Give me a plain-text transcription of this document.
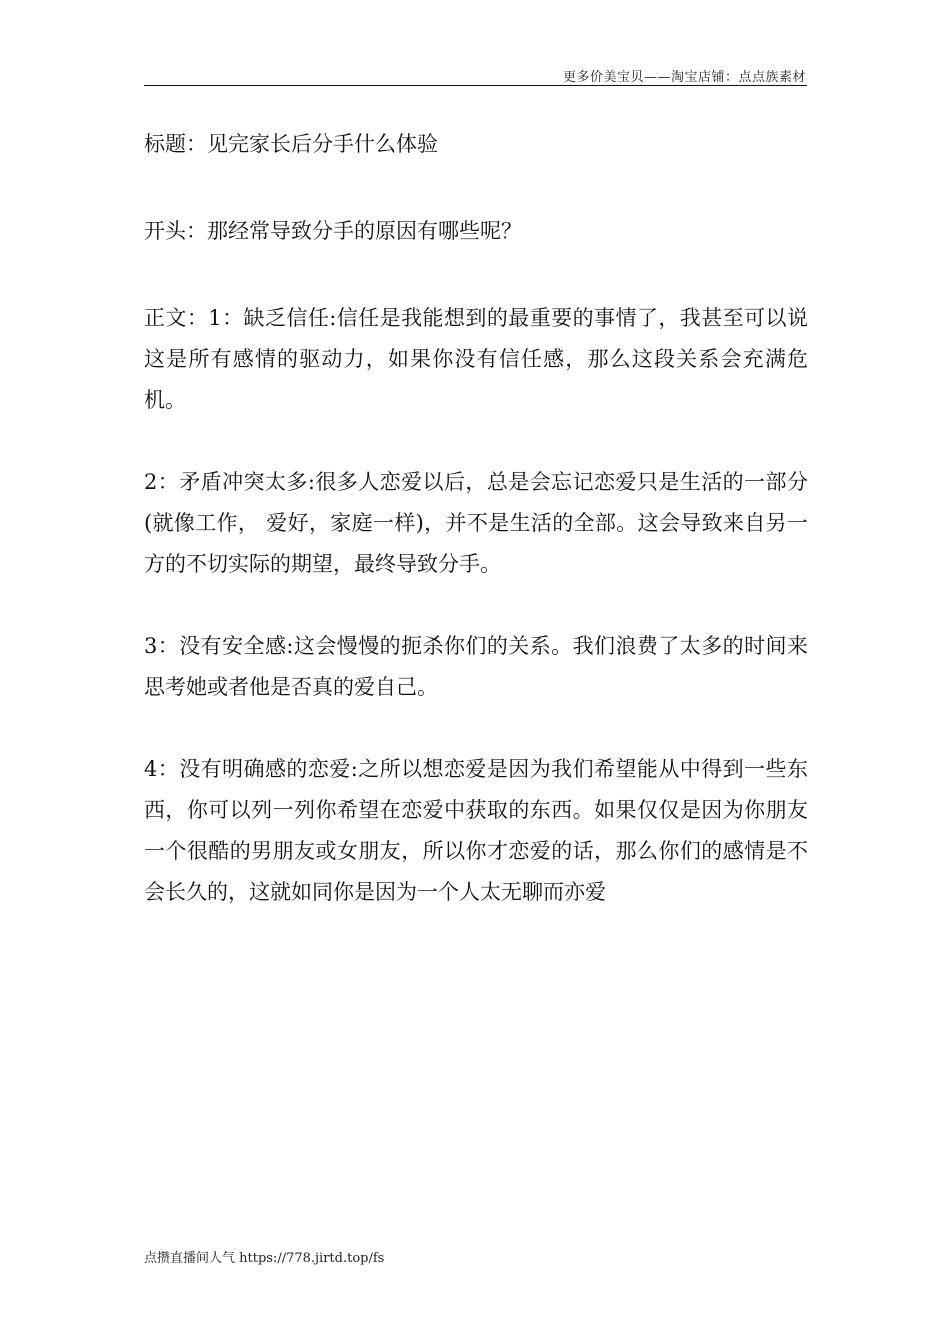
更多价美宝贝——淘宝店铺：点点族素材

标题：见完家长后分手什么体验

开头：那经常导致分手的原因有哪些呢？

正文：1：缺乏信任:信任是我能想到的最重要的事情了，我甚至可以说这是所有感情的驱动力，如果你没有信任感，那么这段关系会充满危机。

2：矛盾冲突太多:很多人恋爱以后，总是会忘记恋爱只是生活的一部分(就像工作， 爱好，家庭一样)，并不是生活的全部。这会导致来自另一方的不切实际的期望，最终导致分手。

3：没有安全感:这会慢慢的扼杀你们的关系。我们浪费了太多的时间来思考她或者他是否真的爱自己。

4：没有明确感的恋爱:之所以想恋爱是因为我们希望能从中得到一些东西，你可以列一列你希望在恋爱中获取的东西。如果仅仅是因为你朋友一个很酷的男朋友或女朋友，所以你才恋爱的话，那么你们的感情是不会长久的，这就如同你是因为一个人太无聊而亦爱

点攒直播间人气 https://778.jirtd.top/fs
